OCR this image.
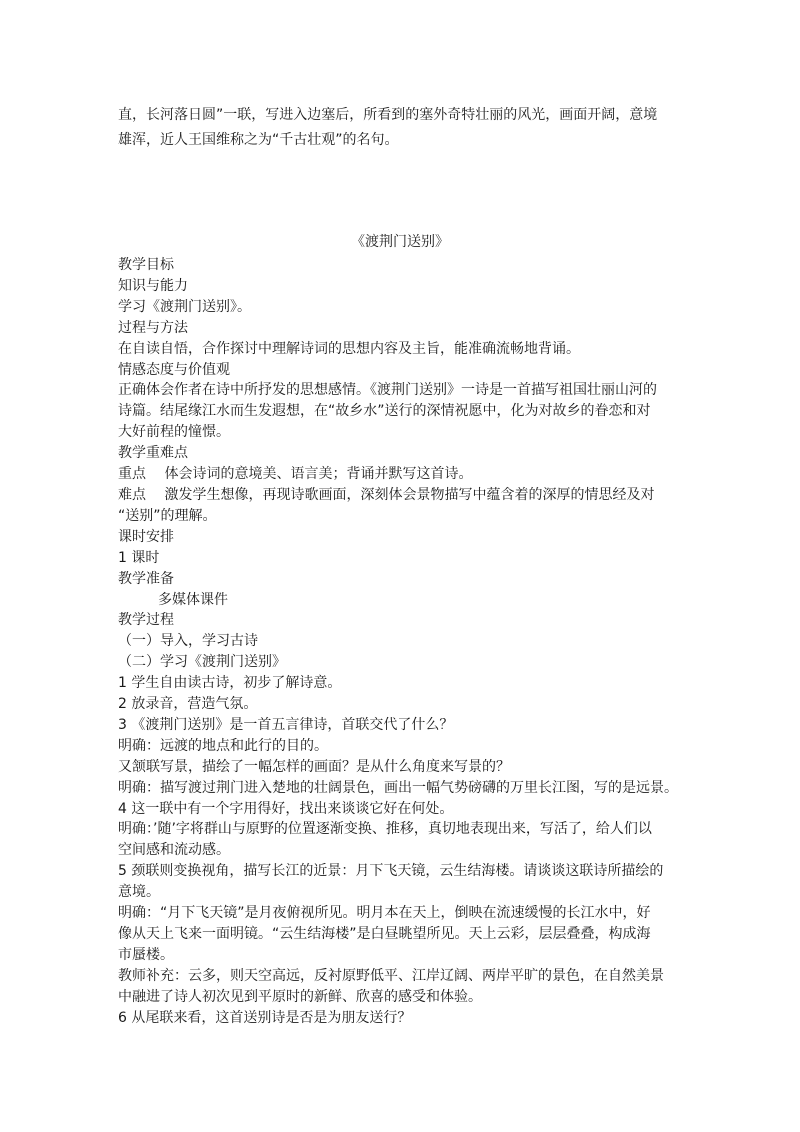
直，长河落日圆”一联，写进入边塞后，所看到的塞外奇特壮丽的风光，画面开阔，意境

雄浑，近人王国维称之为“千古壮观”的名句。

《渡荆门送别》

教学目标

知识与能力

学习《渡荆门送别》。

过程与方法

在自读自悟，合作探讨中理解诗词的思想内容及主旨，能准确流畅地背诵。

情感态度与价值观

正确体会作者在诗中所抒发的思想感情。《渡荆门送别》一诗是一首描写祖国壮丽山河的

诗篇。结尾缘江水而生发遐想，在“故乡水”送行的深情祝愿中，化为对故乡的眷恋和对

大好前程的憧憬。

教学重难点

重点　 体会诗词的意境美、语言美；背诵并默写这首诗。

难点　 激发学生想像，再现诗歌画面，深刻体会景物描写中蕴含着的深厚的情思经及对

“送别”的理解。

课时安排

1 课时

教学准备

多媒体课件

教学过程

（一）导入，学习古诗

（二）学习《渡荆门送别》

1 学生自由读古诗，初步了解诗意。

2 放录音，营造气氛。

3 《渡荆门送别》是一首五言律诗，首联交代了什么？

明确：远渡的地点和此行的目的。

又颔联写景，描绘了一幅怎样的画面？是从什么角度来写景的？

明确：描写渡过荆门进入楚地的壮阔景色，画出一幅气势磅礴的万里长江图，写的是远景。

4 这一联中有一个字用得好，找出来谈谈它好在何处。

明确：’随’字将群山与原野的位置逐渐变换、推移，真切地表现出来，写活了，给人们以

空间感和流动感。

5 颈联则变换视角，描写长江的近景：月下飞天镜，云生结海楼。请谈谈这联诗所描绘的

意境。

明确：“月下飞天镜”是月夜俯视所见。明月本在天上，倒映在流速缓慢的长江水中，好

像从天上飞来一面明镜。“云生结海楼”是白昼眺望所见。天上云彩，层层叠叠，构成海

市蜃楼。

教师补充：云多，则天空高远，反衬原野低平、江岸辽阔、两岸平旷的景色，在自然美景

中融进了诗人初次见到平原时的新鲜、欣喜的感受和体验。

6 从尾联来看，这首送别诗是否是为朋友送行？
